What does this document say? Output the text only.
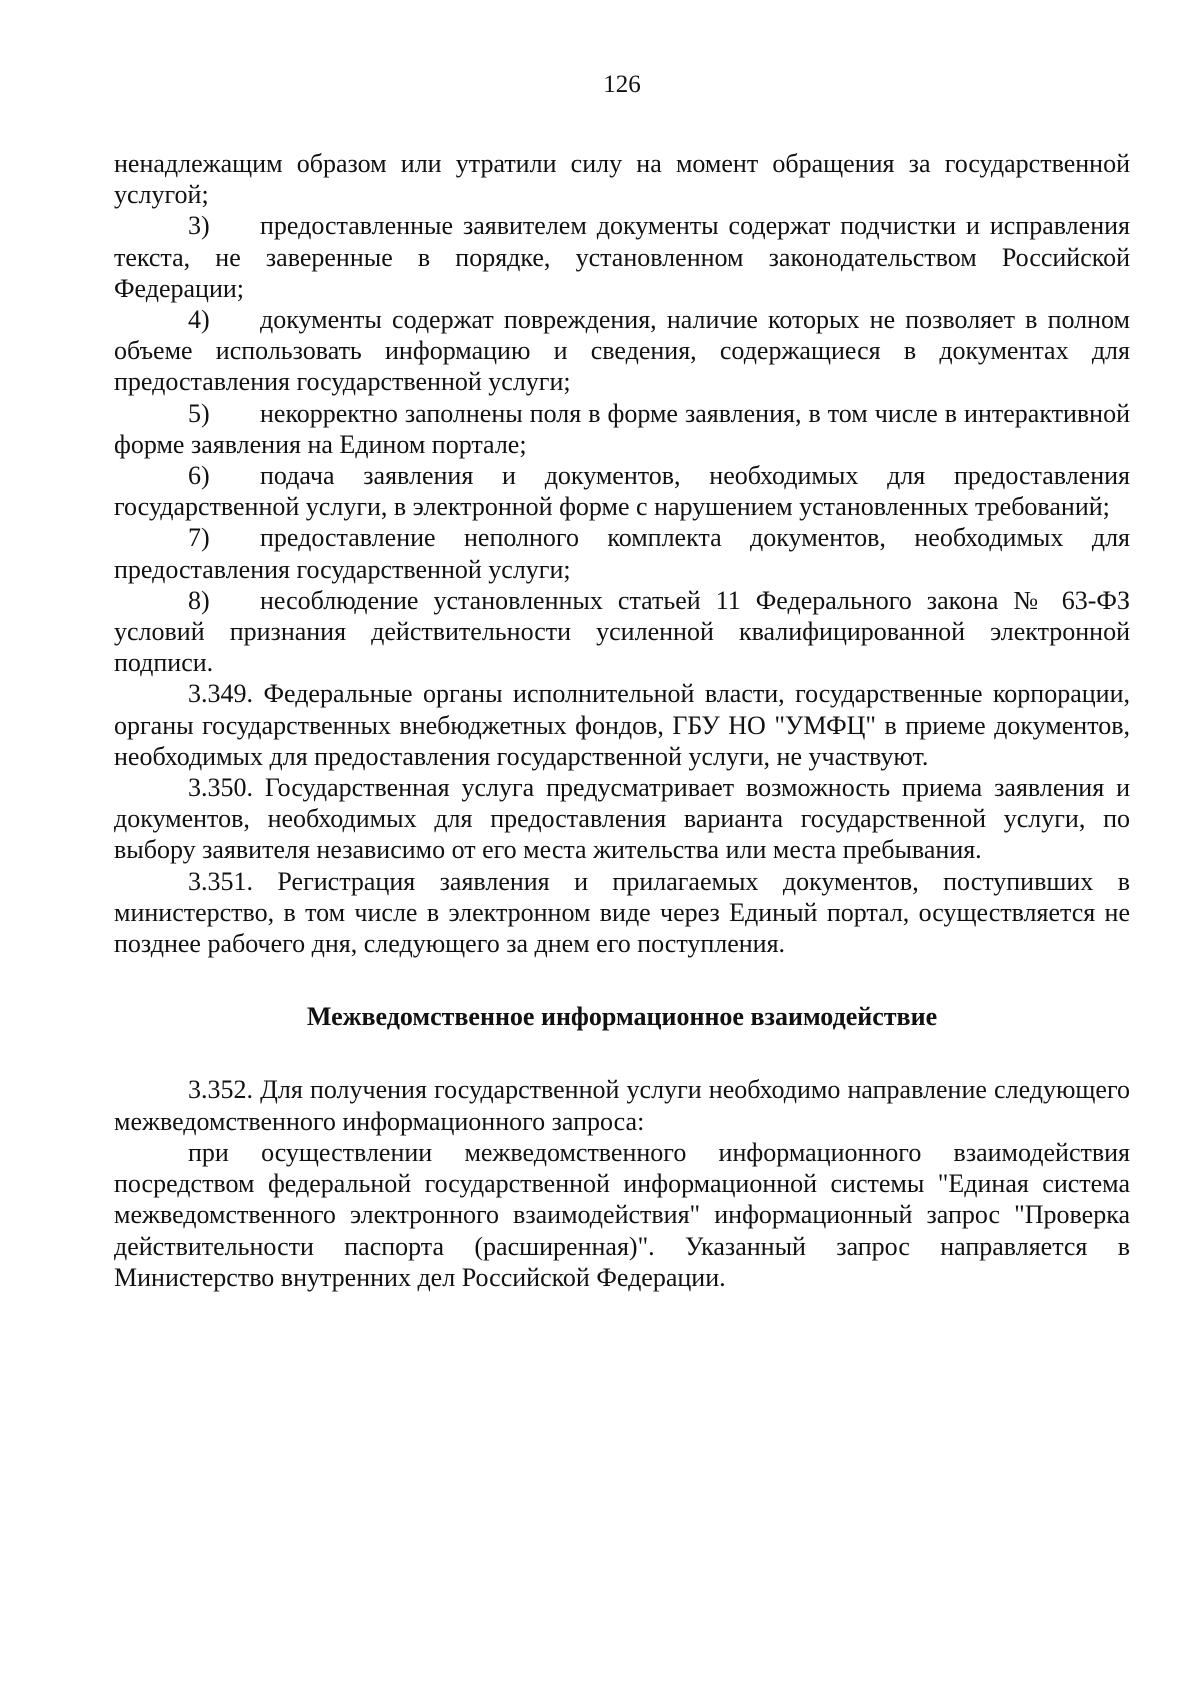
126

ненадлежащим образом или утратили силу на момент обращения за государственной услугой;

3) предоставленные заявителем документы содержат подчистки и исправления текста, не заверенные в порядке, установленном законодательством Российской Федерации;

4) документы содержат повреждения, наличие которых не позволяет в полном объеме использовать информацию и сведения, содержащиеся в документах для предоставления государственной услуги;

5) некорректно заполнены поля в форме заявления, в том числе в интерактивной форме заявления на Едином портале;

6) подача заявления и документов, необходимых для предоставления государственной услуги, в электронной форме с нарушением установленных требований;

7) предоставление неполного комплекта документов, необходимых для предоставления государственной услуги;

8) несоблюдение установленных статьей 11 Федерального закона № 63-ФЗ условий признания действительности усиленной квалифицированной электронной подписи.

3.349. Федеральные органы исполнительной власти, государственные корпорации, органы государственных внебюджетных фондов, ГБУ НО "УМФЦ" в приеме документов, необходимых для предоставления государственной услуги, не участвуют.

3.350. Государственная услуга предусматривает возможность приема заявления и документов, необходимых для предоставления варианта государственной услуги, по выбору заявителя независимо от его места жительства или места пребывания.

3.351. Регистрация заявления и прилагаемых документов, поступивших в министерство, в том числе в электронном виде через Единый портал, осуществляется не позднее рабочего дня, следующего за днем его поступления.

Межведомственное информационное взаимодействие

3.352. Для получения государственной услуги необходимо направление следующего межведомственного информационного запроса:

при осуществлении межведомственного информационного взаимодействия посредством федеральной государственной информационной системы "Единая система межведомственного электронного взаимодействия" информационный запрос "Проверка действительности паспорта (расширенная)". Указанный запрос направляется в Министерство внутренних дел Российской Федерации.
